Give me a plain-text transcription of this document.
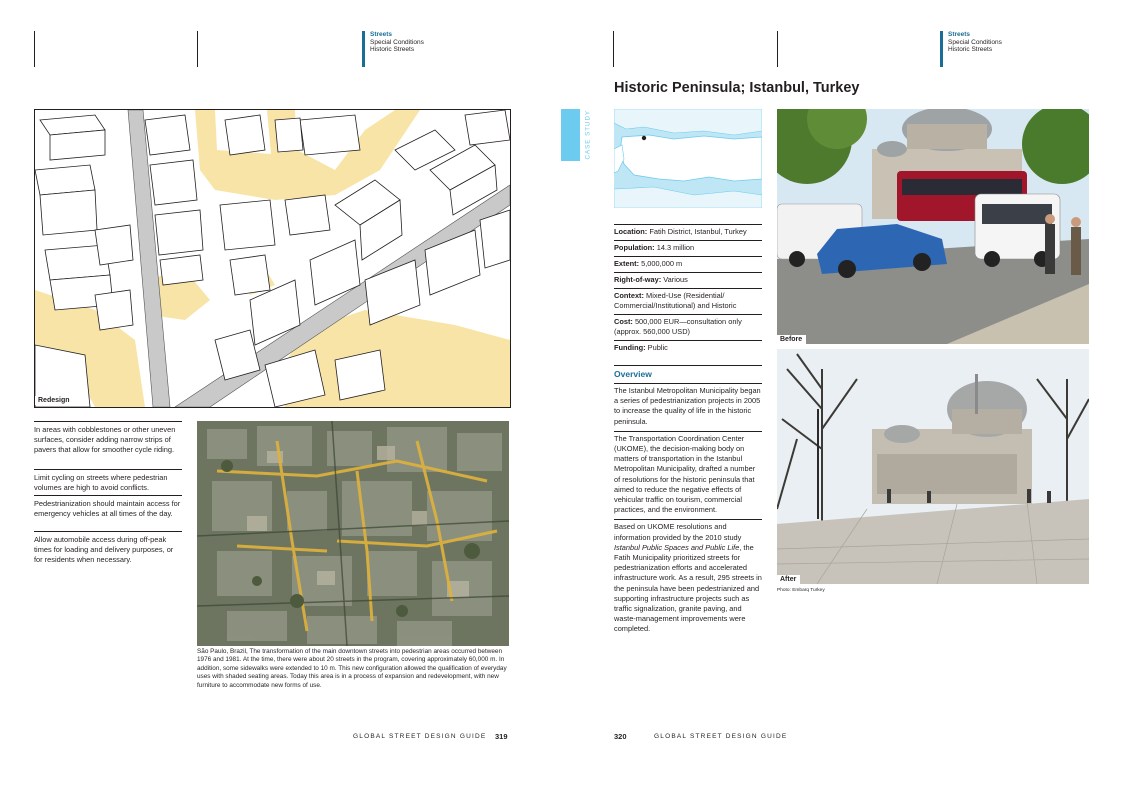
Streets
Special Conditions
Historic Streets
Streets
Special Conditions
Historic Streets
Redesign
In areas with cobblestones or other uneven surfaces, consider adding narrow strips of pavers that allow for smoother cycle riding.
Limit cycling on streets where pedestrian volumes are high to avoid conflicts.
Pedestrianization should maintain access for emergency vehicles at all times of the day.
Allow automobile access during off-peak times for loading and delivery purposes, or for residents when necessary.
São Paulo, Brazil, The transformation of the main downtown streets into pedestrian areas occurred between 1976 and 1981. At the time, there were about 20 streets in the program, covering approximately 60,000 m. In addition, some sidewalks were extended to 10 m. This new configuration allowed the qualification of everyday uses with shaded seating areas. Today this area is in a process of expansion and redevelopment, with new furniture to accommodate new forms of use.
GLOBAL STREET DESIGN GUIDE 319
Historic Peninsula; Istanbul, Turkey
CASE STUDY
Location: Fatih District, Istanbul, Turkey
Population: 14.3 million
Extent: 5,000,000 m
Right-of-way: Various
Context: Mixed-Use (Residential/ Commercial/Institutional) and Historic
Cost: 500,000 EUR—consultation only (approx. 560,000 USD)
Funding: Public
Overview
The Istanbul Metropolitan Municipality began a series of pedestrianization projects in 2005 to increase the quality of life in the historic peninsula.
The Transportation Coordination Center (UKOME), the decision-making body on matters of transportation in the Istanbul Metropolitan Municipality, drafted a number of resolutions for the historic peninsula that aimed to reduce the negative effects of vehicular traffic on tourism, commercial practices, and the environment.
Based on UKOME resolutions and information provided by the 2010 study Istanbul Public Spaces and Public Life, the Fatih Municipality prioritized streets for pedestrianization efforts and accelerated infrastructure work. As a result, 295 streets in the peninsula have been pedestrianized and supporting infrastructure projects such as traffic signalization, granite paving, and waste-management improvements were completed.
Before
After
Photo: Embarq Turkey
320	GLOBAL STREET DESIGN GUIDE
